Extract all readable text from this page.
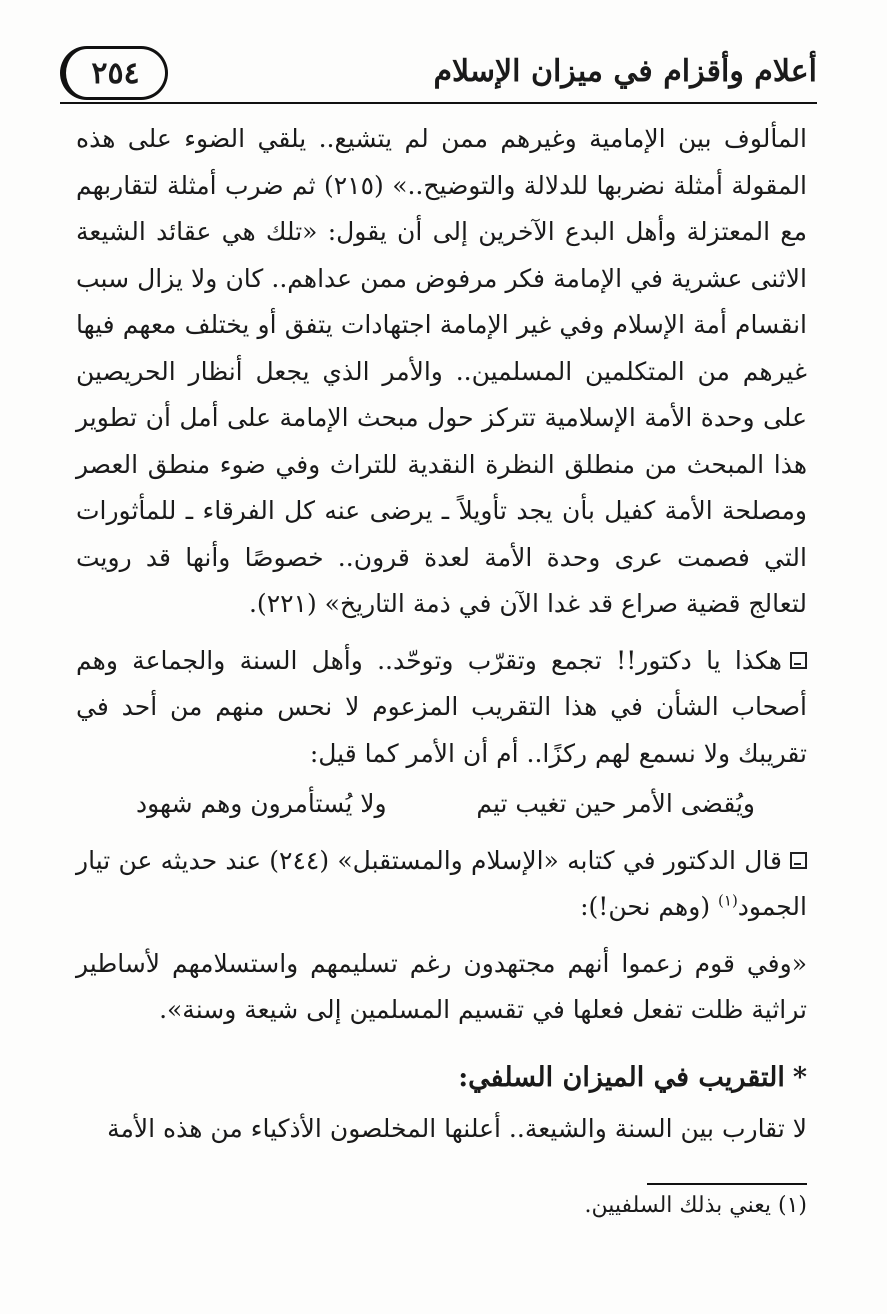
أعلام وأقزام في ميزان الإسلام
٢٥٤

المألوف بين الإمامية وغيرهم ممن لم يتشيع.. يلقي الضوء على هذه المقولة أمثلة نضربها للدلالة والتوضيح..» (٢١٥) ثم ضرب أمثلة لتقاربهم مع المعتزلة وأهل البدع الآخرين إلى أن يقول: «تلك هي عقائد الشيعة الاثنى عشرية في الإمامة فكر مرفوض ممن عداهم.. كان ولا يزال سبب انقسام أمة الإسلام وفي غير الإمامة اجتهادات يتفق أو يختلف معهم فيها غيرهم من المتكلمين المسلمين.. والأمر الذي يجعل أنظار الحريصين على وحدة الأمة الإسلامية تتركز حول مبحث الإمامة على أمل أن تطوير هذا المبحث من منطلق النظرة النقدية للتراث وفي ضوء منطق العصر ومصلحة الأمة كفيل بأن يجد تأويلاً ـ يرضى عنه كل الفرقاء ـ للمأثورات التي فصمت عرى وحدة الأمة لعدة قرون.. خصوصًا وأنها قد رويت لتعالج قضية صراع قد غدا الآن في ذمة التاريخ» (٢٢١).

هكذا يا دكتور!! تجمع وتقرّب وتوحّد.. وأهل السنة والجماعة وهم أصحاب الشأن في هذا التقريب المزعوم لا نحس منهم من أحد في تقريبك ولا نسمع لهم ركزًا.. أم أن الأمر كما قيل:

ويُقضى الأمر حين تغيب تيم
ولا يُستأمرون وهم شهود

قال الدكتور في كتابه «الإسلام والمستقبل» (٢٤٤) عند حديثه عن تيار الجمود$^{(١)}$ (وهم نحن!):

«وفي قوم زعموا أنهم مجتهدون رغم تسليمهم واستسلامهم لأساطير تراثية ظلت تفعل فعلها في تقسيم المسلمين إلى شيعة وسنة».

*التقريب في الميزان السلفي:

لا تقارب بين السنة والشيعة.. أعلنها المخلصون الأذكياء من هذه الأمة

(١) يعني بذلك السلفيين.
